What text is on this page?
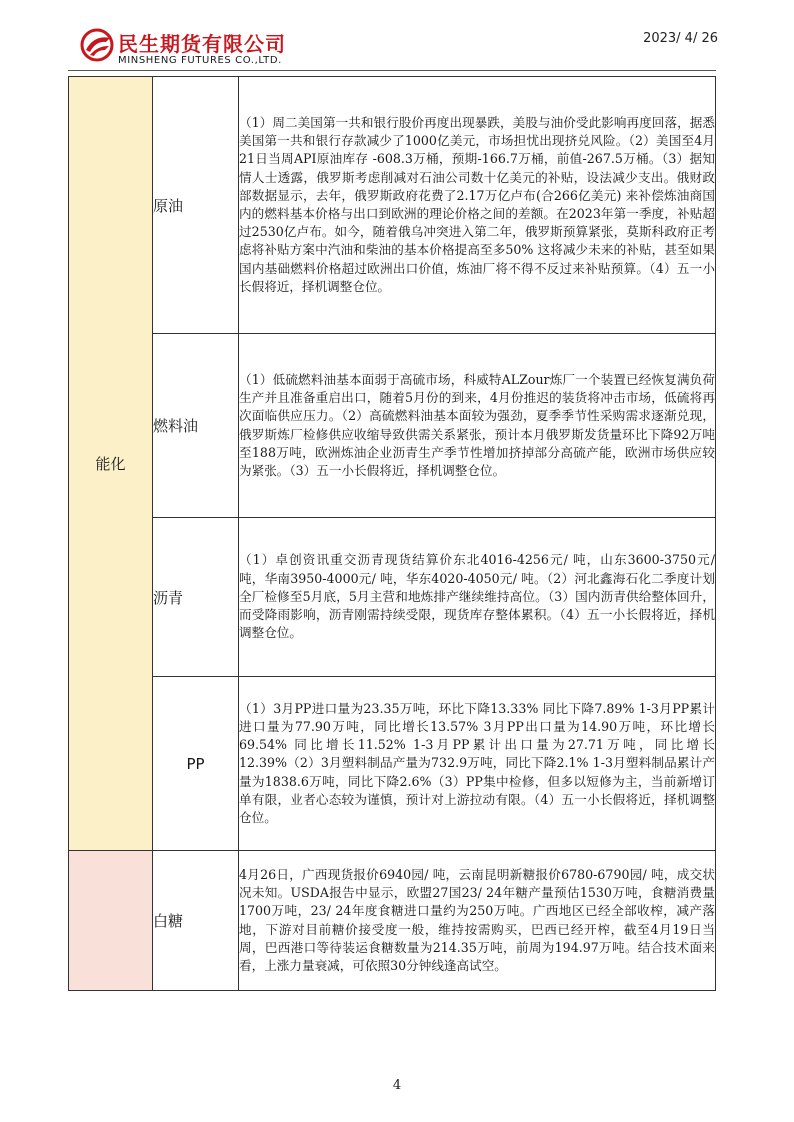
民生期货有限公司
MINSHENG FUTURES CO.,LTD.
2023/ 4/ 26
能化	原油	（1）周二美国第一共和银行股价再度出现暴跌，美股与油价受此影响再度回落，据悉美国第一共和银行存款减少了1000亿美元，市场担忧出现挤兑风险。（2）美国至4月21日当周API原油库存 -608.3万桶，预期-166.7万桶，前值-267.5万桶。（3）据知情人士透露，俄罗斯考虑削减对石油公司数十亿美元的补贴，设法减少支出。俄财政部数据显示，去年，俄罗斯政府花费了2.17万亿卢布(合266亿美元) 来补偿炼油商国内的燃料基本价格与出口到欧洲的理论价格之间的差额。在2023年第一季度，补贴超过2530亿卢布。如今，随着俄乌冲突进入第二年，俄罗斯预算紧张，莫斯科政府正考虑将补贴方案中汽油和柴油的基本价格提高至多50% 这将减少未来的补贴，甚至如果国内基础燃料价格超过欧洲出口价值，炼油厂将不得不反过来补贴预算。（4）五一小长假将近，择机调整仓位。
	燃料油	（1）低硫燃料油基本面弱于高硫市场，科威特ALZour炼厂一个装置已经恢复满负荷生产并且准备重启出口，随着5月份的到来，4月份推迟的装货将冲击市场，低硫将再次面临供应压力。（2）高硫燃料油基本面较为强劲，夏季季节性采购需求逐渐兑现，俄罗斯炼厂检修供应收缩导致供需关系紧张，预计本月俄罗斯发货量环比下降92万吨至188万吨，欧洲炼油企业沥青生产季节性增加挤掉部分高硫产能，欧洲市场供应较为紧张。（3）五一小长假将近，择机调整仓位。
	沥青	（1）卓创资讯重交沥青现货结算价东北4016-4256元/ 吨，山东3600-3750元/ 吨，华南3950-4000元/ 吨，华东4020-4050元/ 吨。（2）河北鑫海石化二季度计划全厂检修至5月底，5月主营和地炼排产继续维持高位。（3）国内沥青供给整体回升，而受降雨影响，沥青刚需持续受限，现货库存整体累积。（4）五一小长假将近，择机调整仓位。
	PP	（1）3月PP进口量为23.35万吨，环比下降13.33% 同比下降7.89% 1-3月PP累计进口量为77.90万吨，同比增长13.57% 3月PP出口量为14.90万吨，环比增长69.54% 同比增长11.52% 1-3月PP累计出口量为27.71万吨，同比增长12.39%（2）3月塑料制品产量为732.9万吨，同比下降2.1% 1-3月塑料制品累计产量为1838.6万吨，同比下降2.6%（3）PP集中检修，但多以短修为主，当前新增订单有限，业者心态较为谨慎，预计对上游拉动有限。（4）五一小长假将近，择机调整仓位。
	白糖	4月26日，广西现货报价6940园/ 吨，云南昆明新糖报价6780-6790园/ 吨，成交状况未知。USDA报告中显示，欧盟27国23/ 24年糖产量预估1530万吨，食糖消费量1700万吨，23/ 24年度食糖进口量约为250万吨。广西地区已经全部收榨，减产落地，下游对目前糖价接受度一般，维持按需购买，巴西已经开榨，截至4月19日当周，巴西港口等待装运食糖数量为214.35万吨，前周为194.97万吨。结合技术面来看，上涨力量衰减，可依照30分钟线逢高试空。
4
